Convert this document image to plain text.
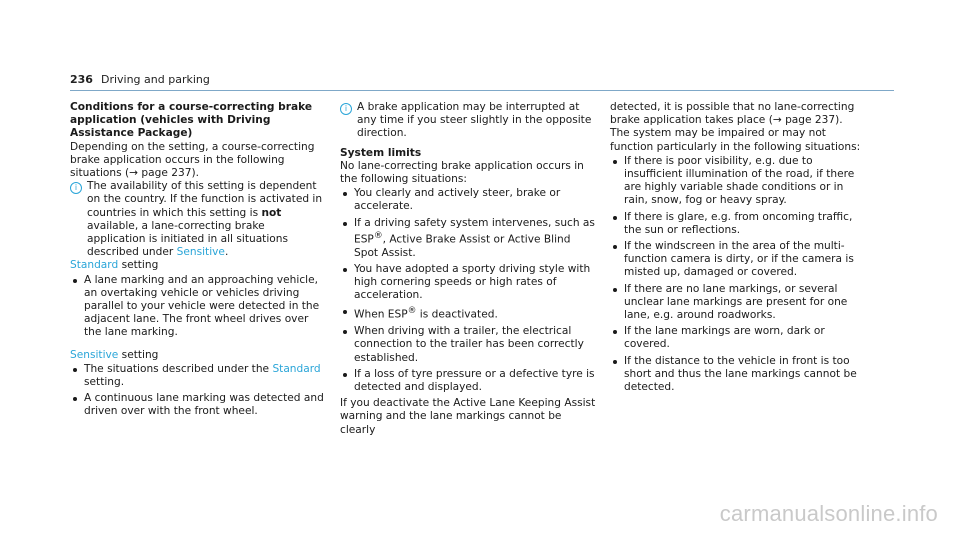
236 Driving and parking

Conditions for a course-correcting brake application (vehicles with Driving Assistance Package)

Depending on the setting, a course-correcting brake application occurs in the following situations (→ page 237).

i The availability of this setting is dependent on the country. If the function is activated in countries in which this setting is not available, a lane-correcting brake application is initiated in all situations described under Sensitive.

Standard setting

A lane marking and an approaching vehicle, an overtaking vehicle or vehicles driving parallel to your vehicle were detected in the adjacent lane. The front wheel drives over the lane marking.

Sensitive setting

The situations described under the Standard setting.
A continuous lane marking was detected and driven over with the front wheel.
i A brake application may be interrupted at any time if you steer slightly in the opposite direction.

System limits

No lane-correcting brake application occurs in the following situations:

You clearly and actively steer, brake or accelerate.
If a driving safety system intervenes, such as ESP®, Active Brake Assist or Active Blind Spot Assist.
You have adopted a sporty driving style with high cornering speeds or high rates of acceleration.
When ESP® is deactivated.
When driving with a trailer, the electrical connection to the trailer has been correctly established.
If a loss of tyre pressure or a defective tyre is detected and displayed.

If you deactivate the Active Lane Keeping Assist warning and the lane markings cannot be clearly

detected, it is possible that no lane-correcting brake application takes place (→ page 237).

The system may be impaired or may not function particularly in the following situations:

If there is poor visibility, e.g. due to insufficient illumination of the road, if there are highly variable shade conditions or in rain, snow, fog or heavy spray.
If there is glare, e.g. from oncoming traffic, the sun or reflections.
If the windscreen in the area of the multi-function camera is dirty, or if the camera is misted up, damaged or covered.
If there are no lane markings, or several unclear lane markings are present for one lane, e.g. around roadworks.
If the lane markings are worn, dark or covered.
If the distance to the vehicle in front is too short and thus the lane markings cannot be detected.
carmanualsonline.info
